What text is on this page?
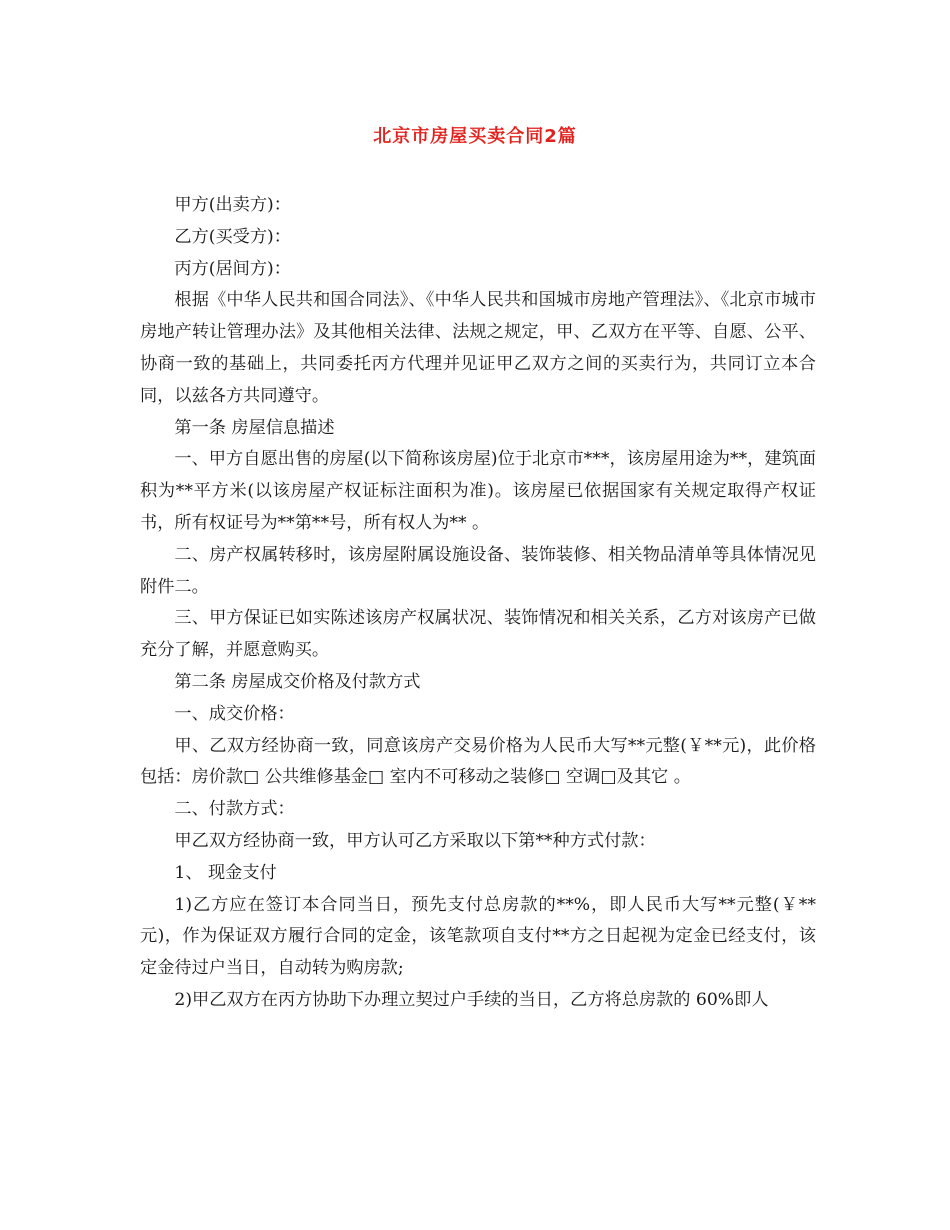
北京市房屋买卖合同2篇

甲方(出卖方)：

乙方(买受方)：

丙方(居间方)：

根据《中华人民共和国合同法》、《中华人民共和国城市房地产管理法》、《北京市城市房地产转让管理办法》及其他相关法律、法规之规定，甲、乙双方在平等、自愿、公平、协商一致的基础上，共同委托丙方代理并见证甲乙双方之间的买卖行为，共同订立本合同，以兹各方共同遵守。

第一条 房屋信息描述

一、甲方自愿出售的房屋(以下简称该房屋)位于北京市***，该房屋用途为**，建筑面积为**平方米(以该房屋产权证标注面积为准)。该房屋已依据国家有关规定取得产权证书，所有权证号为**第**号，所有权人为** 。

二、房产权属转移时，该房屋附属设施设备、装饰装修、相关物品清单等具体情况见附件二。

三、甲方保证已如实陈述该房产权属状况、装饰情况和相关关系，乙方对该房产已做充分了解，并愿意购买。

第二条 房屋成交价格及付款方式

一、成交价格：

甲、乙双方经协商一致，同意该房产交易价格为人民币大写**元整(￥**元)，此价格包括：房价款□ 公共维修基金□ 室内不可移动之装修□ 空调□及其它 。

二、付款方式：

甲乙双方经协商一致，甲方认可乙方采取以下第**种方式付款：

1、 现金支付

1)乙方应在签订本合同当日，预先支付总房款的**%，即人民币大写**元整(￥**元)，作为保证双方履行合同的定金，该笔款项自支付**方之日起视为定金已经支付，该定金待过户当日，自动转为购房款;

2)甲乙双方在丙方协助下办理立契过户手续的当日，乙方将总房款的 60%即人
